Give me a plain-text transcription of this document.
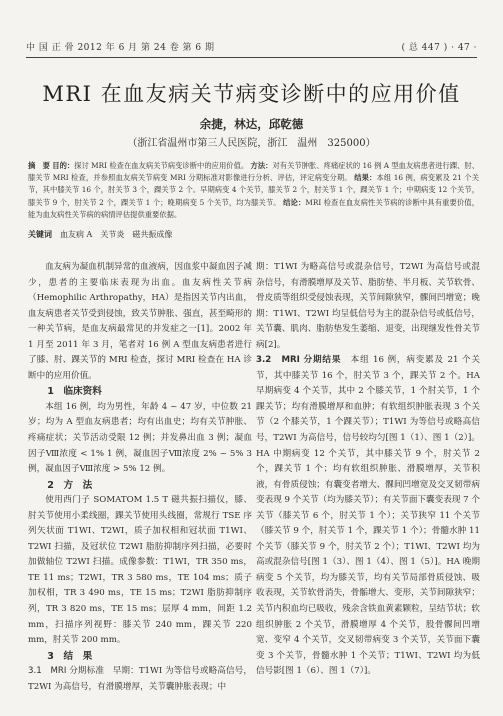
中 国 正 骨 2012 年 6 月 第 24 卷 第 6 期	( 总 447 ) · 47 ·
MRI 在血友病关节病变诊断中的应用价值
余捷，林达，邱乾德
（浙江省温州市第三人民医院，浙江　温州　325000）
摘　要 目的：探讨 MRI 检查在血友病关节病变诊断中的应用价值。 方法：对有关节肿胀、疼痛症状的 16 例 A 型血友病患者进行踝、肘、膝关节 MRI 检查，并参照血友病关节病变 MRI 分期标准对影像进行分析、评估，评定病变分期。 结果：本组 16 例，病变累及 21 个关节，其中膝关节 16 个，肘关节 3 个，踝关节 2 个。早期病变 4 个关节，膝关节 2 个，肘关节 1 个，踝关节 1 个；中期病变 12 个关节，膝关节 9 个，肘关节 2 个，踝关节 1 个；晚期病变 5 个关节，均为膝关节。 结论：MRI 检查在血友病性关节病的诊断中具有重要价值，能为血友病性关节病的病情评估提供重要依据。
关键词　 血友病 A　关节炎　磁共振成像

血友病为凝血机制异常的血液病，因血浆中凝血因子减少，患者的主要临床表现为出血。血友病性关节病（Hemophilic Arthropathy，HA）是指因关节内出血，血友病患者关节受到侵蚀，致关节肿胀、强直，甚至畸形的一种关节病，是血友病最常见的并发症之一[1]。2002 年 1 月至 2011 年 3 月，笔者对 16 例 A 型血友病患者进行了膝、肘、踝关节的 MRI 检查，探讨 MRI 检查在 HA 诊断中的应用价值。

1　临床资料

本组 16 例，均为男性，年龄 4 ~ 47 岁，中位数 21 岁；均为 A 型血友病患者；均有出血史；均有关节肿胀、疼痛症状；关节活动受限 12 例；并发鼻出血 3 例；凝血因子Ⅷ浓度 < 1% 1 例，凝血因子Ⅷ浓度 2% ~ 5% 3 例，凝血因子Ⅷ浓度 > 5% 12 例。

2　方　法

使用西门子 SOMATOM 1.5 T 磁共振扫描仪，膝、肘关节使用小柔线圈，踝关节使用头线圈，常规行 TSE 序列矢状面 T1WI、T2WI，质子加权相和冠状面 T1WI、T2WI 扫描，及冠状位 T2WI 脂肪抑制序列扫描，必要时加做轴位 T2WI 扫描。成像参数：T1WI，TR 350 ms，TE 11 ms；T2WI，TR 3 580 ms，TE 104 ms；质子加权相，TR 3 490 ms，TE 15 ms；T2WI 脂肪抑制序列，TR 3 820 ms，TE 15 ms；层厚 4 mm，间距 1.2 mm，扫描序列视野：膝关节 240 mm，踝关节 220 mm，肘关节 200 mm。

3　结　果

3.1　MRI 分期标准　 早期：T1WI 为等信号或略高信号，T2WI 为高信号，有滑膜增厚，关节囊肿胀表现；中

期：T1WI 为略高信号或混杂信号，T2WI 为高信号或混杂信号，有滑膜增厚及关节、脂肪垫、半月板、关节软骨、骨皮质等组织受侵蚀表现，关节间隙狭窄，髁间凹增宽；晚期：T1WI、T2WI 均呈低信号为主的混杂信号或低信号，关节囊、肌肉、脂肪垫发生萎缩、退变，出现继发性骨关节病[2]。

3.2　MRI 分期结果　 本组 16 例，病变累及 21 个关节，其中膝关节 16 个，肘关节 3 个，踝关节 2 个。HA 早期病变 4 个关节，其中 2 个膝关节，1 个肘关节，1 个踝关节；均有滑膜增厚和血肿；有软组织肿胀表现 3 个关节（2 个膝关节，1 个踝关节）；T1WI 为等信号或略高信号，T2WI 为高信号，信号较均匀[图 1（1）、图 1（2）]。HA 中期病变 12 个关节，其中膝关节 9 个，肘关节 2 个，踝关节 1 个；均有软组织肿胀、滑膜增厚，关节积液，有骨质侵蚀；有囊变者增大、髁间凹增宽及交叉韧带病变表现 9 个关节（均为膝关节）；有关节面下囊变表现 7 个关节（膝关节 6 个，肘关节 1 个）；关节狭窄 11 个关节（膝关节 9 个，肘关节 1 个，踝关节 1 个）；骨髓水肿 11 个关节（膝关节 9 个，肘关节 2 个）；T1WI、T2WI 均为高或混杂信号[图 1（3）、图 1（4）、图 1（5）]。HA 晚期病变 5 个关节，均为膝关节，均有关节局部骨质侵蚀、吸收表现，关节软骨消失，骨骺增大、变形，关节间隙狭窄；关节内积血均已吸收，残余含铁血黄素颗粒，呈结节状；软组织肿胀 2 个关节，滑膜增厚 4 个关节，股骨髁间凹增宽、变窄 4 个关节，交叉韧带病变 3 个关节，关节面下囊变 3 个关节，骨髓水肿 1 个关节；T1WI、T2WI 均为低信号影[图 1（6）、图 1（7）]。
